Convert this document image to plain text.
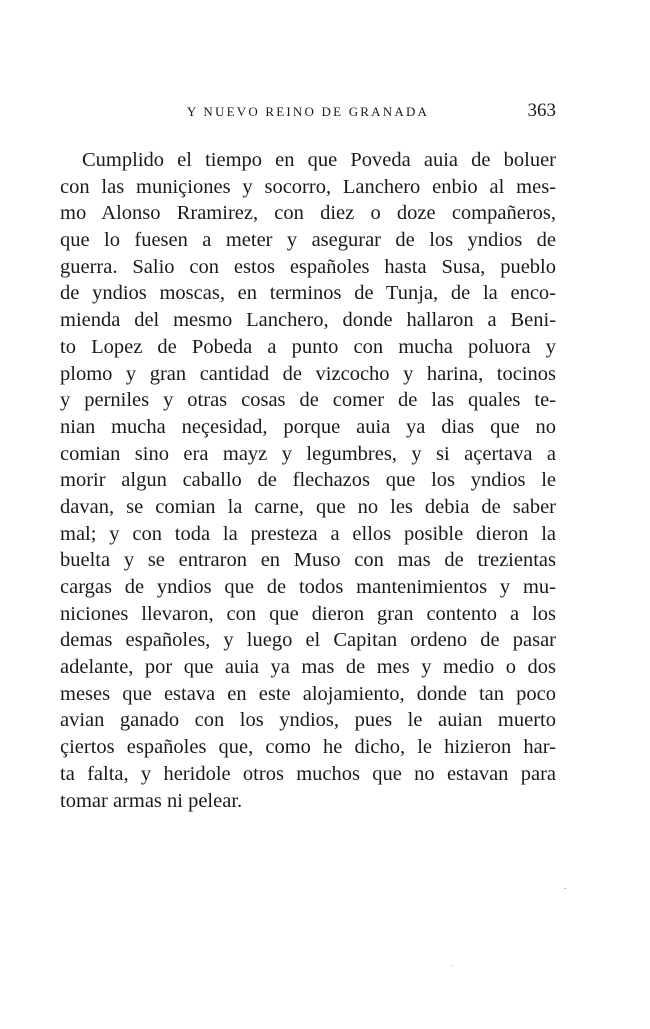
Y NUEVO REINO DE GRANADA	363
Cumplido el tiempo en que Poveda auia de boluer
con las muniçiones y socorro, Lanchero enbio al mes-
mo Alonso Rramirez, con diez o doze compañeros,
que lo fuesen a meter y asegurar de los yndios de
guerra. Salio con estos españoles hasta Susa, pueblo
de yndios moscas, en terminos de Tunja, de la enco-
mienda del mesmo Lanchero, donde hallaron a Beni-
to Lopez de Pobeda a punto con mucha poluora y
plomo y gran cantidad de vizcocho y harina, tocinos
y perniles y otras cosas de comer de las quales te-
nian mucha neçesidad, porque auia ya dias que no
comian sino era mayz y legumbres, y si açertava a
morir algun caballo de flechazos que los yndios le
davan, se comian la carne, que no les debia de saber
mal; y con toda la presteza a ellos posible dieron la
buelta y se entraron en Muso con mas de trezientas
cargas de yndios que de todos mantenimientos y mu-
niciones llevaron, con que dieron gran contento a los
demas españoles, y luego el Capitan ordeno de pasar
adelante, por que auia ya mas de mes y medio o dos
meses que estava en este alojamiento, donde tan poco
avian ganado con los yndios, pues le auian muerto
çiertos españoles que, como he dicho, le hizieron har-
ta falta, y heridole otros muchos que no estavan para
tomar armas ni pelear.
